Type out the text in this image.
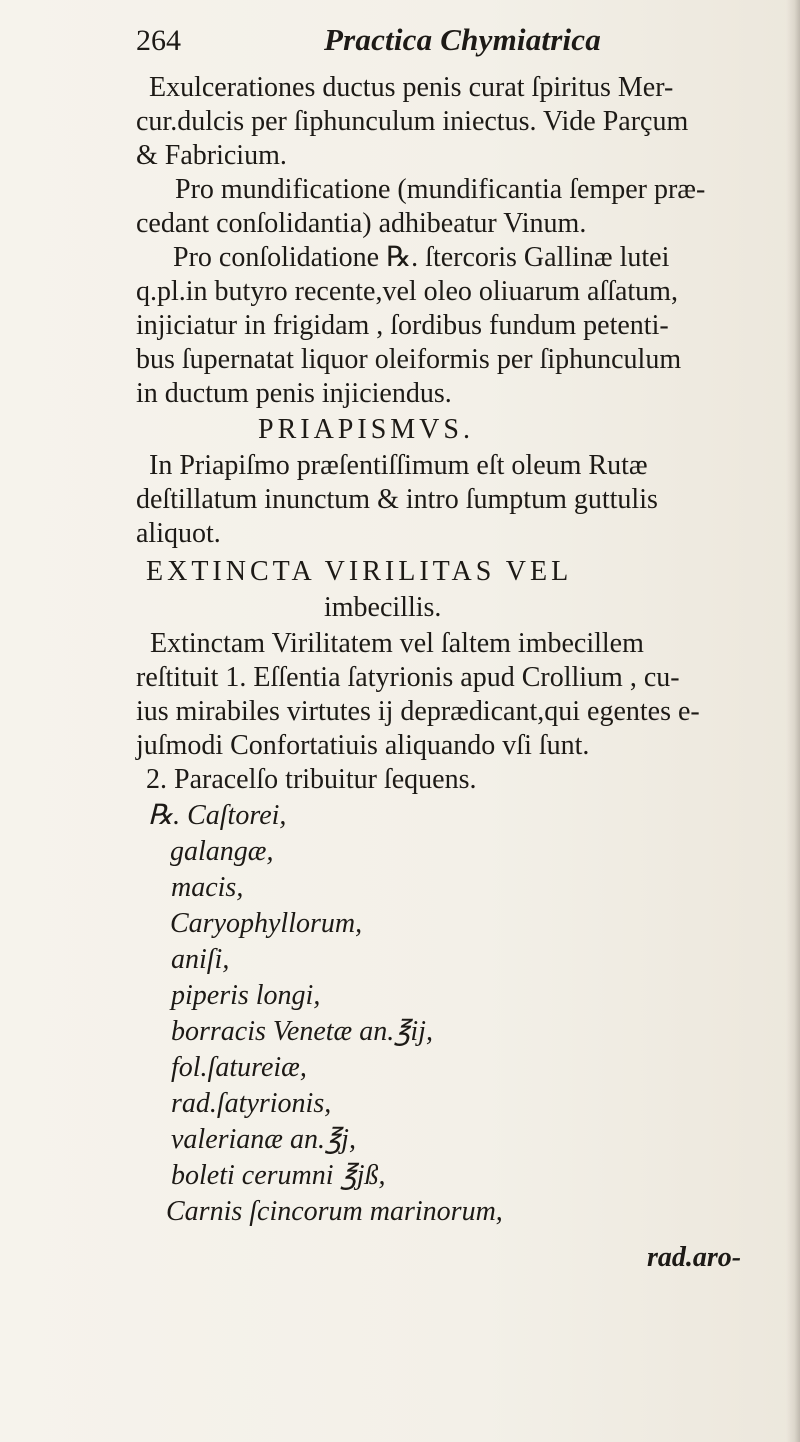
264	Practica Chymiatrica
Exulcerationes ductus penis curat ſpiritus Mer-
cur.dulcis per ſiphunculum iniectus. Vide Parçum
& Fabricium.
Pro mundificatione (mundificantia ſemper præ-
cedant conſolidantia) adhibeatur Vinum.
Pro conſolidatione ℞. ſtercoris Gallinæ lutei
q.pl.in butyro recente,vel oleo oliuarum aſſatum,
injiciatur in frigidam , ſordibus fundum petenti-
bus ſupernatat liquor oleiformis per ſiphunculum
in ductum penis injiciendus.
PRIAPISMVS.
In Priapiſmo præſentiſſimum eſt oleum Rutæ
deſtillatum inunctum & intro ſumptum guttulis
aliquot.
EXTINCTA VIRILITAS VEL
imbecillis.
Extinctam Virilitatem vel ſaltem imbecillem
reſtituit 1. Eſſentia ſatyrionis apud Crollium , cu-
ius mirabiles virtutes ij deprædicant,qui egentes e-
juſmodi Confortatiuis aliquando vſi ſunt.
2. Paracelſo tribuitur ſequens.
℞. Caſtorei,
galangæ,
macis,
Caryophyllorum,
aniſi,
piperis longi,
borracis Venetæ an.℥ij,
fol.ſatureiæ,
rad.ſatyrionis,
valerianæ an.℥j,
boleti cerumni ℥jß,
Carnis ſcincorum marinorum,
rad.aro-
